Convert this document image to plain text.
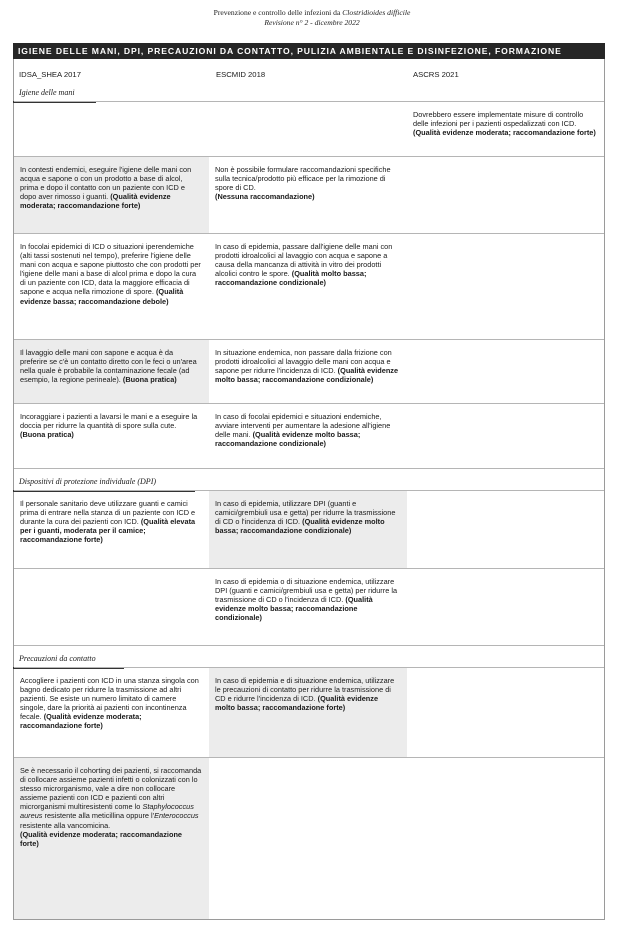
Prevenzione e controllo delle infezioni da Clostridioides difficile
Revisione n° 2 - dicembre 2022
IGIENE DELLE MANI, DPI, PRECAUZIONI DA CONTATTO, PULIZIA AMBIENTALE E DISINFEZIONE, FORMAZIONE
IDSA_SHEA 2017	ESCMID 2018	ASCRS 2021
Igiene delle mani
Dovrebbero essere implementate misure di controllo delle infezioni per i pazienti ospedalizzati con ICD. (Qualità evidenze moderata; raccomandazione forte)
In contesti endemici, eseguire l'igiene delle mani con acqua e sapone o con un prodotto a base di alcol, prima e dopo il contatto con un paziente con ICD e dopo aver rimosso i guanti. (Qualità evidenze moderata; raccomandazione forte)
Non è possibile formulare raccomandazioni specifiche sulla tecnica/prodotto più efficace per la rimozione di spore di CD.
(Nessuna raccomandazione)
In focolai epidemici di ICD o situazioni iperendemiche (alti tassi sostenuti nel tempo), preferire l'igiene delle mani con acqua e sapone piuttosto che con prodotti per l'igiene delle mani a base di alcol prima e dopo la cura di un paziente con ICD, data la maggiore efficacia di sapone e acqua nella rimozione di spore. (Qualità evidenze bassa; raccomandazione debole)
In caso di epidemia, passare dall'igiene delle mani con prodotti idroalcolici al lavaggio con acqua e sapone a causa della mancanza di attività in vitro dei prodotti alcolici contro le spore. (Qualità molto bassa; raccomandazione condizionale)
Il lavaggio delle mani con sapone e acqua è da preferire se c'è un contatto diretto con le feci o un'area nella quale è probabile la contaminazione fecale (ad esempio, la regione perineale). (Buona pratica)
In situazione endemica, non passare dalla frizione con prodotti idroalcolici al lavaggio delle mani con acqua e sapone per ridurre l'incidenza di ICD. (Qualità evidenze molto bassa; raccomandazione condizionale)
Incoraggiare i pazienti a lavarsi le mani e a eseguire la doccia per ridurre la quantità di spore sulla cute. (Buona pratica)
In caso di focolai epidemici e situazioni endemiche, avviare interventi per aumentare la adesione all'igiene delle mani. (Qualità evidenze molto bassa; raccomandazione condizionale)
Dispositivi di protezione individuale (DPI)
Il personale sanitario deve utilizzare guanti e camici prima di entrare nella stanza di un paziente con ICD e durante la cura dei pazienti con ICD. (Qualità elevata per i guanti, moderata per il camice; raccomandazione forte)
In caso di epidemia, utilizzare DPI (guanti e camici/grembiuli usa e getta) per ridurre la trasmissione di CD o l'incidenza di ICD. (Qualità evidenze molto bassa; raccomandazione condizionale)
In caso di epidemia o di situazione endemica, utilizzare DPI (guanti e camici/grembiuli usa e getta) per ridurre la trasmissione di CD o l'incidenza di ICD. (Qualità evidenze molto bassa; raccomandazione condizionale)
Precauzioni da contatto
Accogliere i pazienti con ICD in una stanza singola con bagno dedicato per ridurre la trasmissione ad altri pazienti. Se esiste un numero limitato di camere singole, dare la priorità ai pazienti con incontinenza fecale. (Qualità evidenze moderata; raccomandazione forte)
In caso di epidemia e di situazione endemica, utilizzare le precauzioni di contatto per ridurre la trasmissione di CD e ridurre l'incidenza di ICD. (Qualità evidenze molto bassa; raccomandazione forte)
Se è necessario il cohorting dei pazienti, si raccomanda di collocare assieme pazienti infetti o colonizzati con lo stesso microrganismo, vale a dire non collocare assieme pazienti con ICD e pazienti con altri microrganismi multiresistenti come lo Staphylococcus aureus resistente alla meticillina oppure l'Enterococcus resistente alla vancomicina.
(Qualità evidenze moderata; raccomandazione forte)
